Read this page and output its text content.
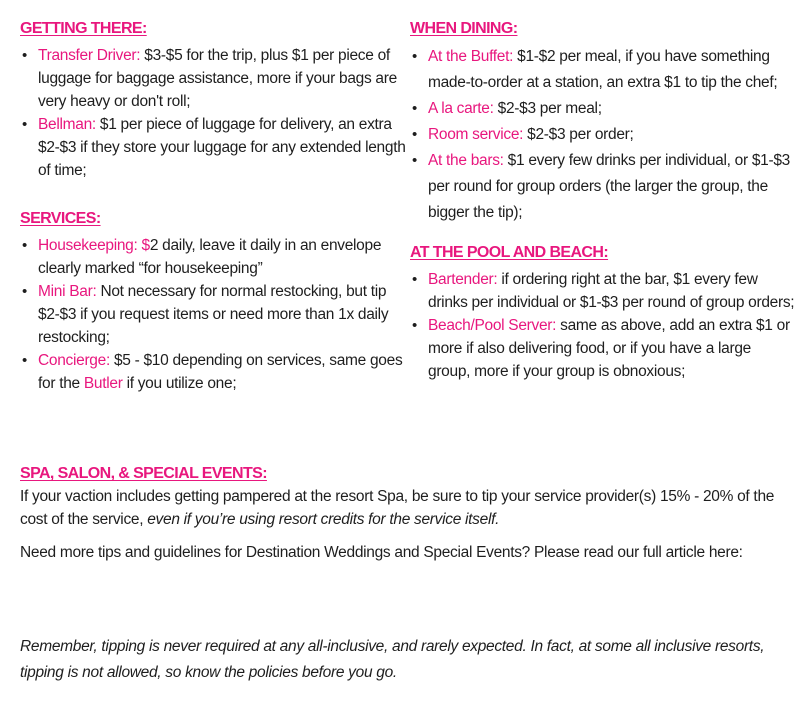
GETTING THERE:
• Transfer Driver: $3-$5 for the trip, plus $1 per piece of luggage for baggage assistance, more if your bags are very heavy or don't roll;
• Bellman: $1 per piece of luggage for delivery, an extra $2-$3 if they store your luggage for any extended length of time;
SERVICES:
• Housekeeping: $2 daily, leave it daily in an envelope clearly marked “for housekeeping”
• Mini Bar: Not necessary for normal restocking, but tip $2-$3 if you request items or need more than 1x daily restocking;
• Concierge: $5 - $10 depending on services, same goes for the Butler if you utilize one;
WHEN DINING:
• At the Buffet: $1-$2 per meal, if you have something made-to-order at a station, an extra $1 to tip the chef;
• A la carte: $2-$3 per meal;
• Room service: $2-$3 per order;
• At the bars: $1 every few drinks per individual, or $1-$3 per round for group orders (the larger the group, the bigger the tip);
AT THE POOL AND BEACH:
• Bartender: if ordering right at the bar, $1 every few drinks per individual or $1-$3 per round of group orders;
• Beach/Pool Server: same as above, add an extra $1 or more if also delivering food, or if you have a large group, more if your group is obnoxious;
SPA, SALON, & SPECIAL EVENTS:

If your vaction includes getting pampered at the resort Spa, be sure to tip your service provider(s) 15% - 20% of the cost of the service, even if you’re using resort credits for the service itself.

Need more tips and guidelines for Destination Weddings and Special Events? Please read our full article here:

Remember, tipping is never required at any all-inclusive, and rarely expected. In fact, at some all inclusive resorts, tipping is not allowed, so know the policies before you go.
